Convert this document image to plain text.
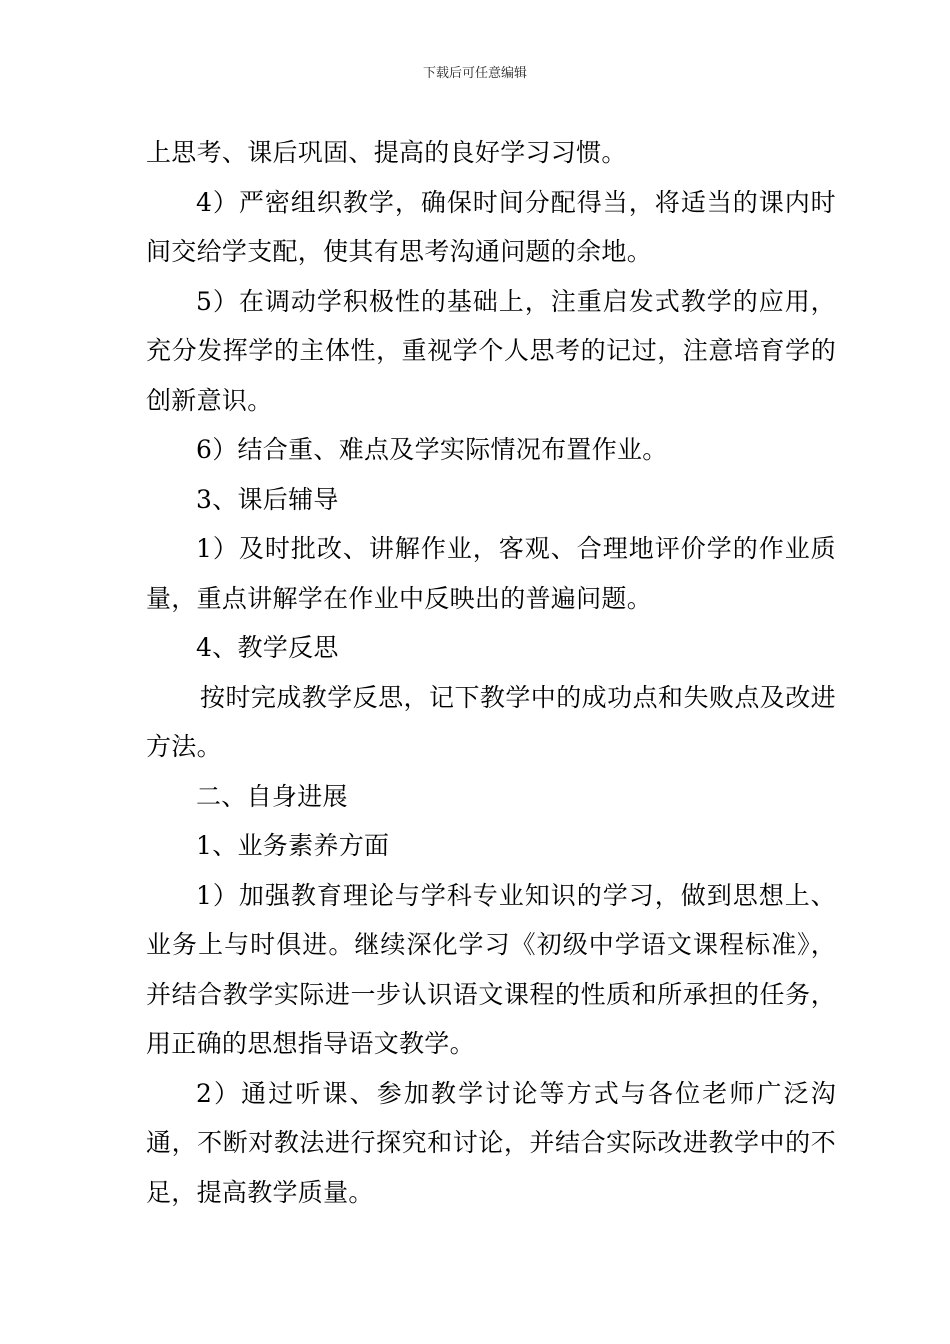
下载后可任意编辑

上思考、课后巩固、提高的良好学习习惯。

4）严密组织教学，确保时间分配得当，将适当的课内时间交给学支配，使其有思考沟通问题的余地。

5）在调动学积极性的基础上，注重启发式教学的应用，充分发挥学的主体性，重视学个人思考的记过，注意培育学的创新意识。

6）结合重、难点及学实际情况布置作业。

3、课后辅导

1）及时批改、讲解作业，客观、合理地评价学的作业质量，重点讲解学在作业中反映出的普遍问题。

4、教学反思

按时完成教学反思，记下教学中的成功点和失败点及改进方法。

二、自身进展

1、业务素养方面

1）加强教育理论与学科专业知识的学习，做到思想上、业务上与时俱进。继续深化学习《初级中学语文课程标准》，并结合教学实际进一步认识语文课程的性质和所承担的任务，用正确的思想指导语文教学。

2）通过听课、参加教学讨论等方式与各位老师广泛沟通，不断对教法进行探究和讨论，并结合实际改进教学中的不足，提高教学质量。
